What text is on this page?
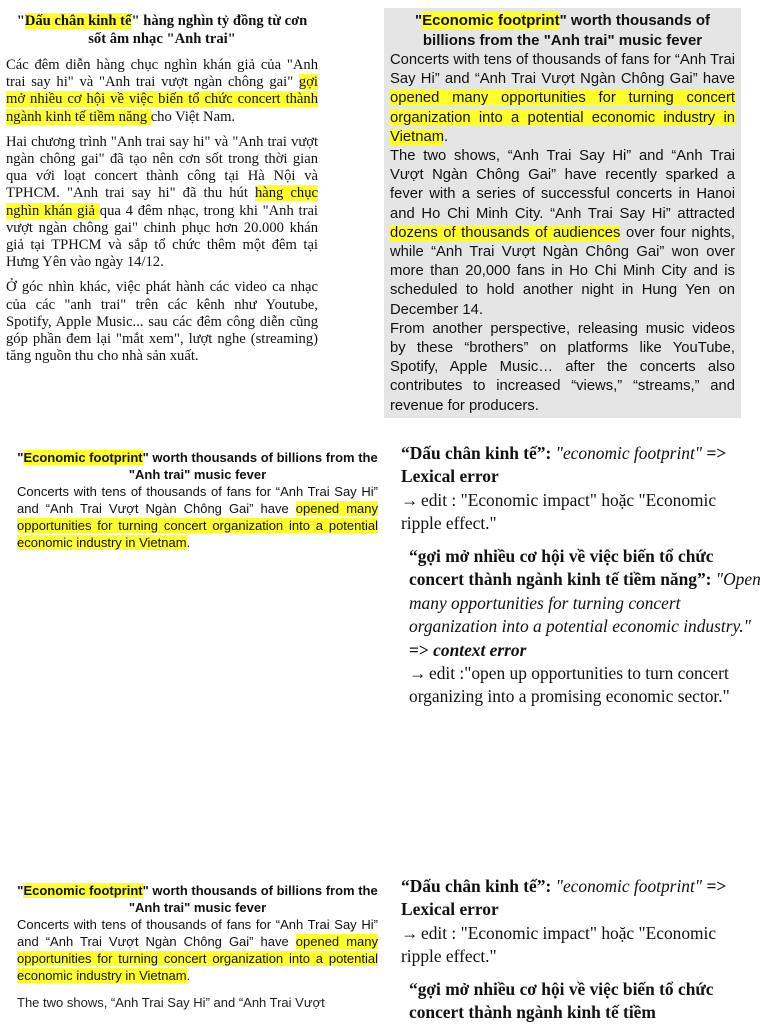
"Dấu chân kinh tế" hàng nghìn tỷ đồng từ cơn sốt âm nhạc "Anh trai"

Các đêm diễn hàng chục nghìn khán giả của "Anh trai say hi" và "Anh trai vượt ngàn chông gai" gợi mở nhiều cơ hội về việc biến tổ chức concert thành ngành kinh tế tiềm năng cho Việt Nam.

Hai chương trình "Anh trai say hi" và "Anh trai vượt ngàn chông gai" đã tạo nên cơn sốt trong thời gian qua với loạt concert thành công tại Hà Nội và TPHCM. "Anh trai say hi" đã thu hút hàng chục nghìn khán giả qua 4 đêm nhạc, trong khi "Anh trai vượt ngàn chông gai" chinh phục hơn 20.000 khán giả tại TPHCM và sắp tổ chức thêm một đêm tại Hưng Yên vào ngày 14/12.

Ở góc nhìn khác, việc phát hành các video ca nhạc của các "anh trai" trên các kênh như Youtube, Spotify, Apple Music... sau các đêm công diễn cũng góp phần đem lại "mắt xem", lượt nghe (streaming) tăng nguồn thu cho nhà sản xuất.

"Economic footprint" worth thousands of billions from the "Anh trai" music fever

Concerts with tens of thousands of fans for “Anh Trai Say Hi” and “Anh Trai Vượt Ngàn Chông Gai” have opened many opportunities for turning concert organization into a potential economic industry in Vietnam.

The two shows, “Anh Trai Say Hi” and “Anh Trai Vượt Ngàn Chông Gai” have recently sparked a fever with a series of successful concerts in Hanoi and Ho Chi Minh City. “Anh Trai Say Hi” attracted dozens of thousands of audiences over four nights, while “Anh Trai Vượt Ngàn Chông Gai” won over more than 20,000 fans in Ho Chi Minh City and is scheduled to hold another night in Hung Yen on December 14.

From another perspective, releasing music videos by these “brothers” on platforms like YouTube, Spotify, Apple Music… after the concerts also contributes to increased “views,” “streams,” and revenue for producers.

"Economic footprint" worth thousands of billions from the "Anh trai" music fever

Concerts with tens of thousands of fans for “Anh Trai Say Hi” and “Anh Trai Vượt Ngàn Chông Gai” have opened many opportunities for turning concert organization into a potential economic industry in Vietnam.

“Dấu chân kinh tế”: "economic footprint" => Lexical error

→ edit : "Economic impact" hoặc "Economic ripple effect."

“gợi mở nhiều cơ hội về việc biến tổ chức concert thành ngành kinh tế tiềm năng”: "Open many opportunities for turning concert organization into a potential economic industry." => context error

→ edit :"open up opportunities to turn concert organizing into a promising economic sector."

"Economic footprint" worth thousands of billions from the "Anh trai" music fever

Concerts with tens of thousands of fans for “Anh Trai Say Hi” and “Anh Trai Vượt Ngàn Chông Gai” have opened many opportunities for turning concert organization into a potential economic industry in Vietnam.

The two shows, “Anh Trai Say Hi” and “Anh Trai Vượt

“Dấu chân kinh tế”: "economic footprint" => Lexical error

→ edit : "Economic impact" hoặc "Economic ripple effect."

“gợi mở nhiều cơ hội về việc biến tổ chức concert thành ngành kinh tế tiềm
